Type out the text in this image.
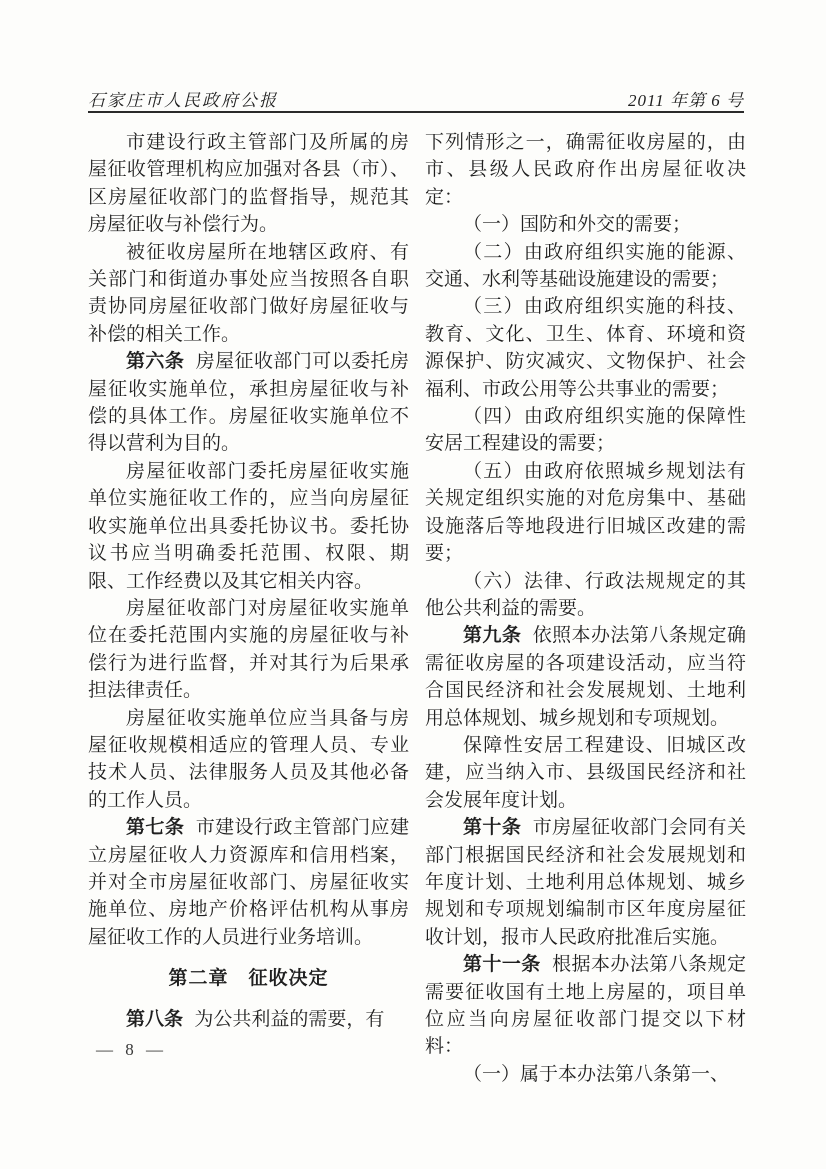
石家庄市人民政府公报	2011 年第 6 号

市建设行政主管部门及所属的房屋征收管理机构应加强对各县（市）、区房屋征收部门的监督指导，规范其房屋征收与补偿行为。

被征收房屋所在地辖区政府、有关部门和街道办事处应当按照各自职责协同房屋征收部门做好房屋征收与补偿的相关工作。

第六条 房屋征收部门可以委托房屋征收实施单位，承担房屋征收与补偿的具体工作。房屋征收实施单位不得以营利为目的。

房屋征收部门委托房屋征收实施单位实施征收工作的，应当向房屋征收实施单位出具委托协议书。委托协议书应当明确委托范围、权限、期限、工作经费以及其它相关内容。

房屋征收部门对房屋征收实施单位在委托范围内实施的房屋征收与补偿行为进行监督，并对其行为后果承担法律责任。

房屋征收实施单位应当具备与房屋征收规模相适应的管理人员、专业技术人员、法律服务人员及其他必备的工作人员。

第七条 市建设行政主管部门应建立房屋征收人力资源库和信用档案，并对全市房屋征收部门、房屋征收实施单位、房地产价格评估机构从事房屋征收工作的人员进行业务培训。

第二章　征收决定

第八条 为公共利益的需要，有

下列情形之一，确需征收房屋的，由市、县级人民政府作出房屋征收决定：

（一）国防和外交的需要；

（二）由政府组织实施的能源、交通、水利等基础设施建设的需要；

（三）由政府组织实施的科技、教育、文化、卫生、体育、环境和资源保护、防灾减灾、文物保护、社会福利、市政公用等公共事业的需要；

（四）由政府组织实施的保障性安居工程建设的需要；

（五）由政府依照城乡规划法有关规定组织实施的对危房集中、基础设施落后等地段进行旧城区改建的需要；

（六）法律、行政法规规定的其他公共利益的需要。

第九条 依照本办法第八条规定确需征收房屋的各项建设活动，应当符合国民经济和社会发展规划、土地利用总体规划、城乡规划和专项规划。

保障性安居工程建设、旧城区改建，应当纳入市、县级国民经济和社会发展年度计划。

第十条 市房屋征收部门会同有关部门根据国民经济和社会发展规划和年度计划、土地利用总体规划、城乡规划和专项规划编制市区年度房屋征收计划，报市人民政府批准后实施。

第十一条 根据本办法第八条规定需要征收国有土地上房屋的，项目单位应当向房屋征收部门提交以下材料：

（一）属于本办法第八条第一、

— 8 —
